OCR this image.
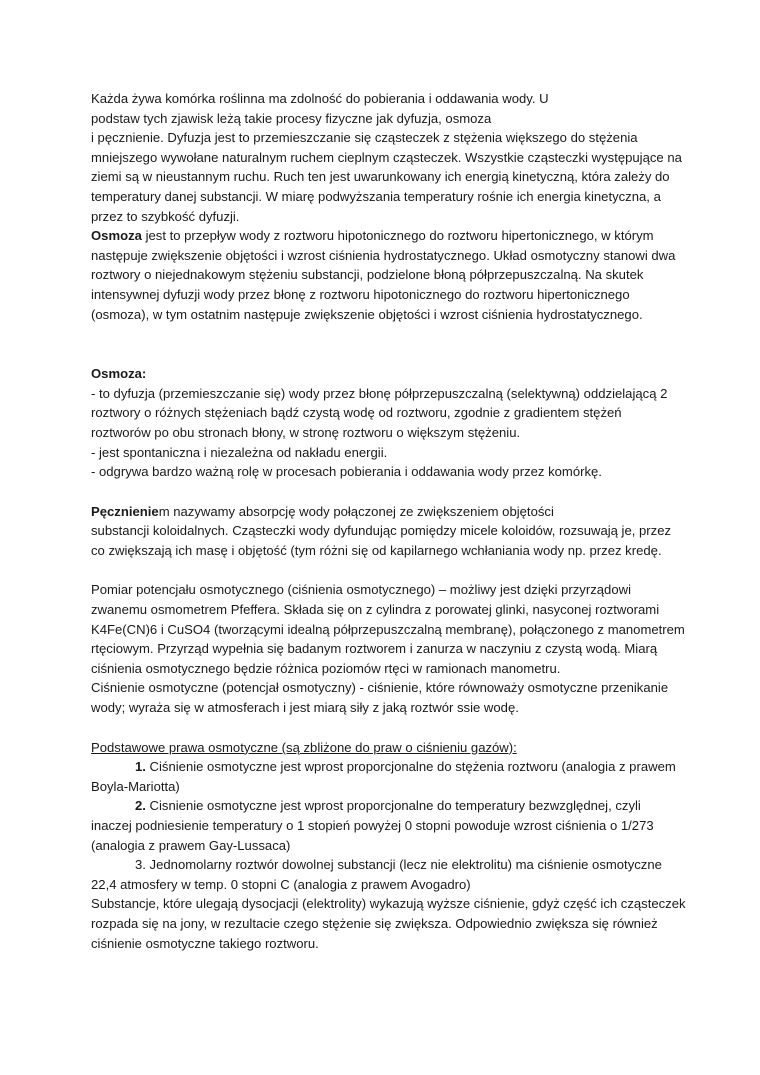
Każda żywa komórka roślinna ma zdolność do pobierania i oddawania wody. U

podstaw tych zjawisk leżą takie procesy fizyczne jak dyfuzja, osmoza

i pęcznienie. Dyfuzja jest to przemieszczanie się cząsteczek z stężenia większego do stężenia

mniejszego wywołane naturalnym ruchem cieplnym cząsteczek. Wszystkie cząsteczki występujące na

ziemi są w nieustannym ruchu. Ruch ten jest uwarunkowany ich energią kinetyczną, która zależy do

temperatury danej substancji. W miarę podwyższania temperatury rośnie ich energia kinetyczna, a

przez to szybkość dyfuzji.

Osmoza jest to przepływ wody z roztworu hipotonicznego do roztworu hipertonicznego, w którym

następuje zwiększenie objętości i wzrost ciśnienia hydrostatycznego. Układ osmotyczny stanowi dwa

roztwory o niejednakowym stężeniu substancji, podzielone błoną półprzepuszczalną. Na skutek

intensywnej dyfuzji wody przez błonę z roztworu hipotonicznego do roztworu hipertonicznego

(osmoza), w tym ostatnim następuje zwiększenie objętości i wzrost ciśnienia hydrostatycznego.

Osmoza:

- to dyfuzja (przemieszczanie się) wody przez błonę półprzepuszczalną (selektywną) oddzielającą 2

roztwory o różnych stężeniach bądź czystą wodę od roztworu, zgodnie z gradientem stężeń

roztworów po obu stronach błony, w stronę roztworu o większym stężeniu.

- jest spontaniczna i niezależna od nakładu energii.

- odgrywa bardzo ważną rolę w procesach pobierania i oddawania wody przez komórkę.

Pęcznieniem nazywamy absorpcję wody połączonej ze zwiększeniem objętości

substancji koloidalnych. Cząsteczki wody dyfundując pomiędzy micele koloidów, rozsuwają je, przez

co zwiększają ich masę i objętość (tym różni się od kapilarnego wchłaniania wody np. przez kredę.

Pomiar potencjału osmotycznego (ciśnienia osmotycznego) – możliwy jest dzięki przyrządowi

zwanemu osmometrem Pfeffera. Składa się on z cylindra z porowatej glinki, nasyconej roztworami

K4Fe(CN)6 i CuSO4 (tworzącymi idealną półprzepuszczalną membranę), połączonego z manometrem

rtęciowym. Przyrząd wypełnia się badanym roztworem i zanurza w naczyniu z czystą wodą. Miarą

ciśnienia osmotycznego będzie różnica poziomów rtęci w ramionach manometru.

Ciśnienie osmotyczne (potencjał osmotyczny) - ciśnienie, które równoważy osmotyczne przenikanie

wody; wyraża się w atmosferach i jest miarą siły z jaką roztwór ssie wodę.

Podstawowe prawa osmotyczne (są zbliżone do praw o ciśnieniu gazów):

1. Ciśnienie osmotyczne jest wprost proporcjonalne do stężenia roztworu (analogia z prawem

Boyla-Mariotta)

2. Cisnienie osmotyczne jest wprost proporcjonalne do temperatury bezwzględnej, czyli

inaczej podniesienie temperatury o 1 stopień powyżej 0 stopni powoduje wzrost ciśnienia o 1/273

(analogia z prawem Gay-Lussaca)

3. Jednomolarny roztwór dowolnej substancji (lecz nie elektrolitu) ma ciśnienie osmotyczne

22,4 atmosfery w temp. 0 stopni C (analogia z prawem Avogadro)

Substancje, które ulegają dysocjacji (elektrolity) wykazują wyższe ciśnienie, gdyż część ich cząsteczek

rozpada się na jony, w rezultacie czego stężenie się zwiększa. Odpowiednio zwiększa się również

ciśnienie osmotyczne takiego roztworu.
